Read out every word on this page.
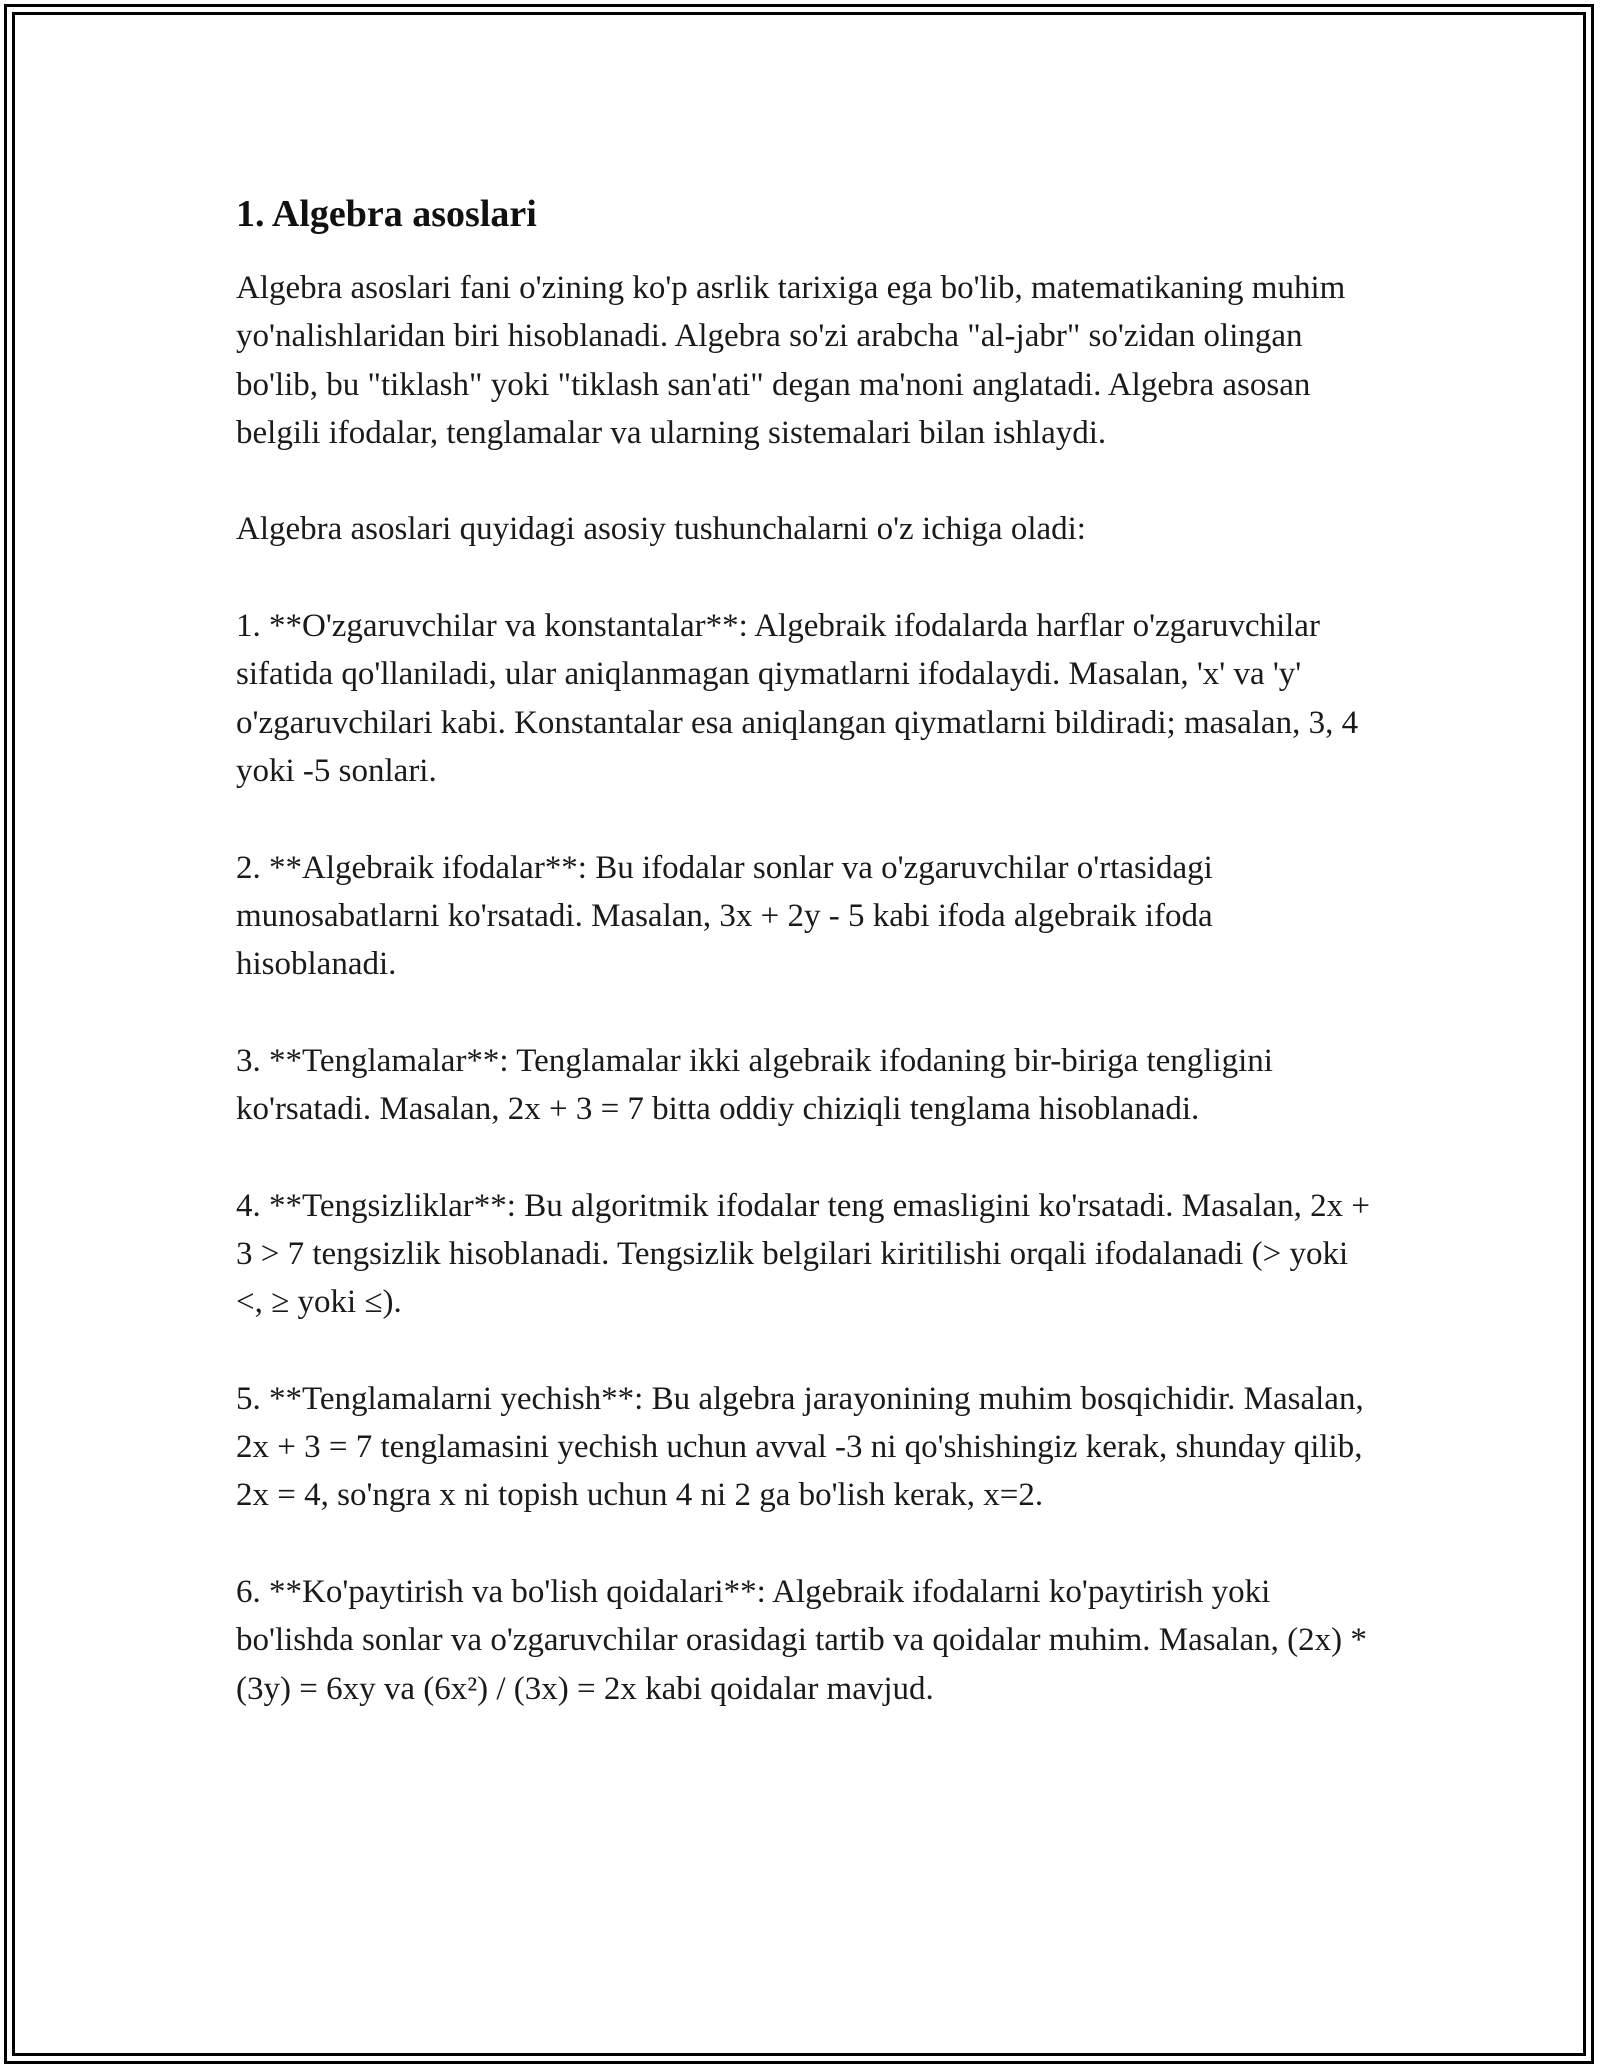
1. Algebra asoslari

Algebra asoslari fani o'zining ko'p asrlik tarixiga ega bo'lib, matematikaning muhim yo'nalishlaridan biri hisoblanadi. Algebra so'zi arabcha "al-jabr" so'zidan olingan bo'lib, bu "tiklash" yoki "tiklash san'ati" degan ma'noni anglatadi. Algebra asosan belgili ifodalar, tenglamalar va ularning sistemalari bilan ishlaydi.

Algebra asoslari quyidagi asosiy tushunchalarni o'z ichiga oladi:

1. **O'zgaruvchilar va konstantalar**: Algebraik ifodalarda harflar o'zgaruvchilar sifatida qo'llaniladi, ular aniqlanmagan qiymatlarni ifodalaydi. Masalan, 'x' va 'y' o'zgaruvchilari kabi. Konstantalar esa aniqlangan qiymatlarni bildiradi; masalan, 3, 4 yoki -5 sonlari.

2. **Algebraik ifodalar**: Bu ifodalar sonlar va o'zgaruvchilar o'rtasidagi munosabatlarni ko'rsatadi. Masalan, 3x + 2y - 5 kabi ifoda algebraik ifoda hisoblanadi.

3. **Tenglamalar**: Tenglamalar ikki algebraik ifodaning bir-biriga tengligini ko'rsatadi. Masalan, 2x + 3 = 7 bitta oddiy chiziqli tenglama hisoblanadi.

4. **Tengsizliklar**: Bu algoritmik ifodalar teng emasligini ko'rsatadi. Masalan, 2x + 3 > 7 tengsizlik hisoblanadi. Tengsizlik belgilari kiritilishi orqali ifodalanadi (> yoki <, ≥ yoki ≤).

5. **Tenglamalarni yechish**: Bu algebra jarayonining muhim bosqichidir. Masalan, 2x + 3 = 7 tenglamasini yechish uchun avval -3 ni qo'shishingiz kerak, shunday qilib, 2x = 4, so'ngra x ni topish uchun 4 ni 2 ga bo'lish kerak, x=2.

6. **Ko'paytirish va bo'lish qoidalari**: Algebraik ifodalarni ko'paytirish yoki bo'lishda sonlar va o'zgaruvchilar orasidagi tartib va qoidalar muhim. Masalan, (2x) * (3y) = 6xy va (6x²) / (3x) = 2x kabi qoidalar mavjud.
